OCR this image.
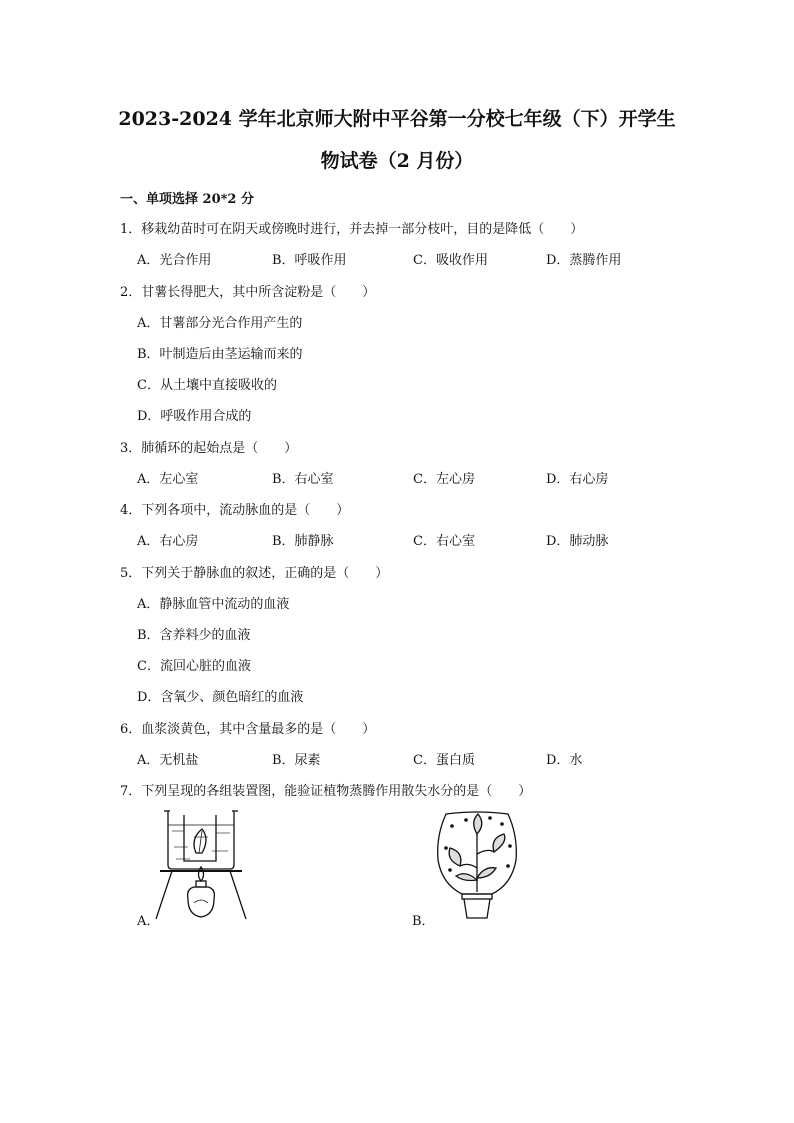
2023-2024 学年北京师大附中平谷第一分校七年级（下）开学生
物试卷（2 月份）
一、单项选择 20*2 分
1．移栽幼苗时可在阴天或傍晚时进行，并去掉一部分枝叶，目的是降低（　　）
A．光合作用	B．呼吸作用	C．吸收作用	D．蒸腾作用
2．甘薯长得肥大，其中所含淀粉是（　　）
A．甘薯部分光合作用产生的
B．叶制造后由茎运输而来的
C．从土壤中直接吸收的
D．呼吸作用合成的
3．肺循环的起始点是（　　）
A．左心室	B．右心室	C．左心房	D．右心房
4．下列各项中，流动脉血的是（　　）
A．右心房	B．肺静脉	C．右心室	D．肺动脉
5．下列关于静脉血的叙述，正确的是（　　）
A．静脉血管中流动的血液
B．含养料少的血液
C．流回心脏的血液
D．含氧少、颜色暗红的血液
6．血浆淡黄色，其中含量最多的是（　　）
A．无机盐	B．尿素	C．蛋白质	D．水
7．下列呈现的各组装置图，能验证植物蒸腾作用散失水分的是（　　）
A．	B．
